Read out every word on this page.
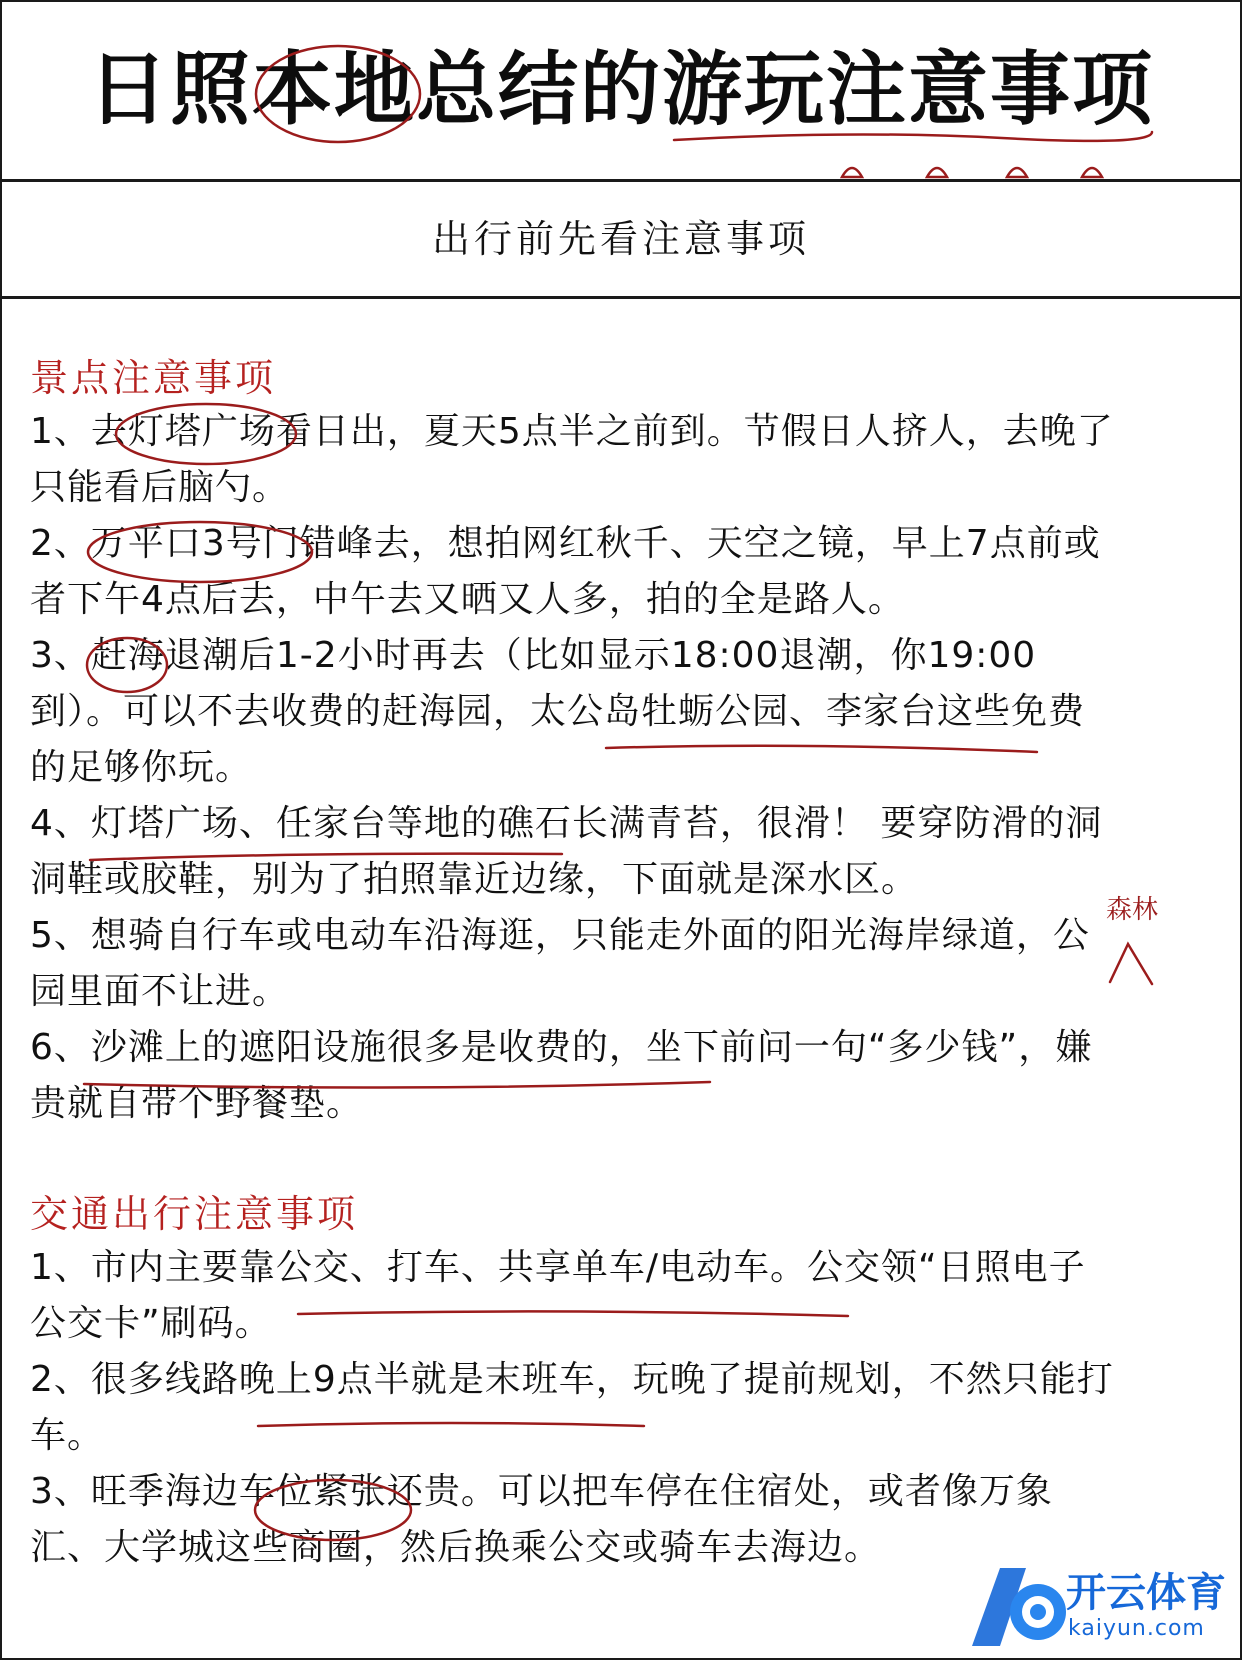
日照本地总结的游玩注意事项
出行前先看注意事项

景点注意事项

1、去灯塔广场看日出，夏天5点半之前到。节假日人挤人，去晚了

只能看后脑勺。

2、万平口3号门错峰去，想拍网红秋千、天空之镜，早上7点前或

者下午4点后去，中午去又晒又人多，拍的全是路人。

3、赶海退潮后1-2小时再去（比如显示18:00退潮，你19:00

到）。可以不去收费的赶海园，太公岛牡蛎公园、李家台这些免费

的足够你玩。

4、灯塔广场、任家台等地的礁石长满青苔，很滑！ 要穿防滑的洞

洞鞋或胶鞋，别为了拍照靠近边缘，下面就是深水区。

5、想骑自行车或电动车沿海逛，只能走外面的阳光海岸绿道，公

园里面不让进。

6、沙滩上的遮阳设施很多是收费的，坐下前问一句“多少钱”，嫌

贵就自带个野餐垫。

交通出行注意事项

1、市内主要靠公交、打车、共享单车/电动车。公交领“日照电子

公交卡”刷码。

2、很多线路晚上9点半就是末班车，玩晚了提前规划，不然只能打

车。

3、旺季海边车位紧张还贵。可以把车停在住宿处，或者像万象

汇、大学城这些商圈，然后换乘公交或骑车去海边。

森林
开云体育
kaiyun.com
